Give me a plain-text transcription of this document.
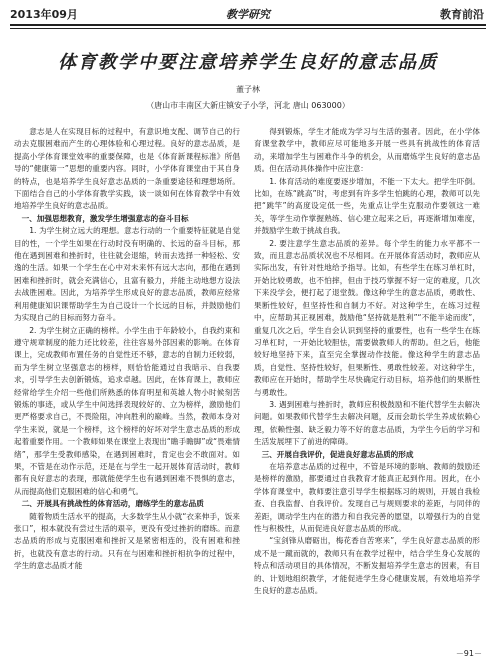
2013年09月	教学研究	教育前沿
体育教学中要注意培养学生良好的意志品质
董子林
（唐山市丰南区大新庄镇安子小学，河北 唐山 063000）

意志是人在实现目标的过程中，有意识地支配、调节自己的行动去克服困难而产生的心理体验和心理过程。良好的意志品质，是提高小学体育课堂效率的重要保障，也是《体育新课程标准》所倡导的“健康第一”思想的重要内容。同时，小学体育课堂由于其自身的特点，也是培养学生良好意志品质的一条重要途径和理想场所。下面结合自己的小学体育教学实践，谈一谈如何在体育教学中有效地培养学生良好的意志品质。

一、加强思想教育，激发学生增强意志的奋斗目标

1. 为学生树立远大的理想。意志行动的一个重要特征就是自觉目的性，一个学生如果在行动时没有明确的、长远的奋斗目标，那他在遇到困难和挫折时，往往就会退缩，转而去选择一种轻松、安逸的生活。如果一个学生在心中对未来怀有远大志向，那他在遇到困难和挫折时，就会充满信心，且富有毅力，并能主动地想方设法去战胜困难。因此，为培养学生形成良好的意志品质，教师应经常利用健康知识课帮助学生为自己设计一个长远的目标，并鼓励他们为实现自己的目标而努力奋斗。

2. 为学生树立正确的榜样。小学生由于年龄较小，自我约束和遵守规章制度的能力还比较差，往往容易外部因素的影响。在体育课上，完成教师布置任务的自觉性还不够，意志的自制力还较弱，而为学生树立坚强意志的榜样，则恰恰能通过自我暗示、自我要求，引导学生去创新锻炼，追求卓越。因此，在体育课上，教师应经常给学生介绍一些他们所熟悉的体育明星和英雄人物小时候刻苦锻炼的事迹，或从学生中间选择表现较好的、立为榜样，激励他们更严格要求自己，不畏险阻，冲向胜利的巅峰。当然，教师本身对学生来说，就是一个榜样，这个榜样的好坏对学生意志品质的形成起着重要作用。一个教师如果在课堂上表现出“瞻手瞻脚”或“畏难情绪”，那学生受教师感染，在遇到困难时，肯定也会不敢面对。如果，不管是在动作示范，还是在与学生一起开展体育活动时，教师都有良好意志的表现，那就能使学生也有遇到困难不畏惧的意志，从而提高他们克服困难的信心和勇气。

二、开展具有挑战性的体育活动，磨练学生的意志品质

随着物质生活水平的提高，大多数学生从小就“衣来伸手，饭来张口”，根本就没有尝过生活的艰辛，更没有受过挫折的磨练。而意志品质的形成与克服困难和挫折又是紧密相连的，没有困难和挫折，也就没有意志的行动。只有在与困难和挫折相抗争的过程中，学生的意志品质才能

得到锻炼，学生才能成为学习与生活的强者。因此，在小学体育课堂教学中，教师应尽可能地多开展一些具有挑战性的体育活动，来增加学生与困难作斗争的机会，从而磨炼学生良好的意志品质。但在活动具体操作中应注意：

1. 体育活动的难度要逐步增加，不能一下太大。把学生吓倒。比如，在练“跳高”时，考虑到有许多学生怕跳的心理，教师可以先把“跳竿”的高度设定低一些，先重点让学生克服动作要领这一难关，等学生动作掌握熟练、信心建立起来之后，再逐渐增加难度，并鼓励学生敢于挑战自我。

2. 要注意学生意志品质的差异。每个学生的能力水平都不一致，而且意志品质状况也不尽相同。在开展体育活动时，教师应从实际出发，有针对性地给予指导。比如，有些学生在练习单杠时，开始比较勇敢，也不怕摔，但由于技巧掌握不好一定的难度，几次下来没学会，便打起了退堂鼓。像这种学生的意志品质，勇敢性、果断性较好，但坚持性和自制力不好。对这种学生，在练习过程中，应帮助其正视困难，鼓励他“坚持就是胜利”“不能半途而废”，重复几次之后，学生自会认识到坚持的重要性，也有一些学生在练习单杠时，一开始比较胆怯，需要做教师人的帮助。但之后，他能较好地坚持下来，直至完全掌握动作技能。像这种学生的意志品质，自觉性、坚持性较好，但果断性、勇敢性较差。对这种学生，教师应在开始时，帮助学生尽快确定行动目标，培养他们的果断性与勇敢性。

3. 遇到困难与挫折时，教师应积极鼓励和不能代替学生去解决问题。如果教师代替学生去解决问题，反而会助长学生养成依赖心理，依赖性强、缺乏毅力等不好的意志品质，为学生今后的学习和生活发展埋下了前进的障碍。

三、开展自我评价，促进良好意志品质的形成

在培养意志品质的过程中，不管是环境的影响、教师的鼓励还是榜样的激励，都要通过自我教育才能真正起到作用。因此，在小学体育课堂中，教师要注意引导学生根据练习的规则，开展自我检查、自我监督、自我评价。发现自己与规则要求的差距，与同伴的差距，调动学生内在的潜力和自我完善的愿望，以增强行为的自觉性与积极性，从而促进良好意志品质的形成。

“宝剑锋从磨砺出，梅花香自苦寒来”，学生良好意志品质的形成不是一蹴而就的，教师只有在教学过程中，结合学生身心发展的特点和活动项目的具体情况，不断发掘培养学生意志的因素，有目的、计划地组织教学，才能促进学生身心健康发展，有效地培养学生良好的意志品质。

－91－
